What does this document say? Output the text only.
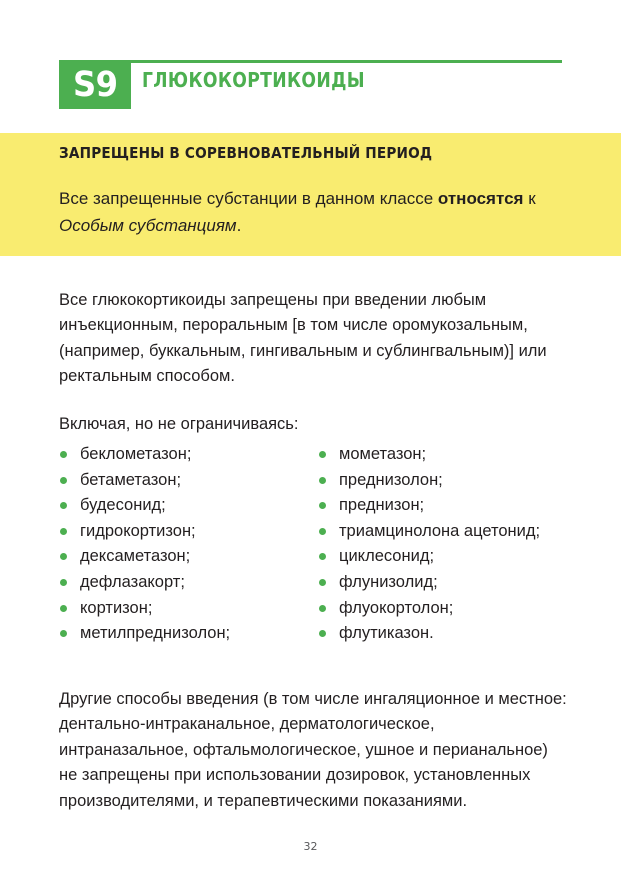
S9 ГЛЮКОКОРТИКОИДЫ
ЗАПРЕЩЕНЫ В СОРЕВНОВАТЕЛЬНЫЙ ПЕРИОД
Все запрещенные субстанции в данном классе относятся к Особым субстанциям.

Все глюкокортикоиды запрещены при введении любым инъекционным, пероральным [в том числе оромукозальным, (например, буккальным, гингивальным и сублингвальным)] или ректальным способом.

Включая, но не ограничиваясь:

беклометазон;
бетаметазон;
будесонид;
гидрокортизон;
дексаметазон;
дефлазакорт;
кортизон;
метилпреднизолон;
мометазон;
преднизолон;
преднизон;
триамцинолона ацетонид;
циклесонид;
флунизолид;
флуокортолон;
флутиказон.

Другие способы введения (в том числе ингаляционное и местное: дентально-интраканальное, дерматологическое, интраназальное, офтальмологическое, ушное и перианальное) не запрещены при использовании дозировок, установленных производителями, и терапевтическими показаниями.

32
